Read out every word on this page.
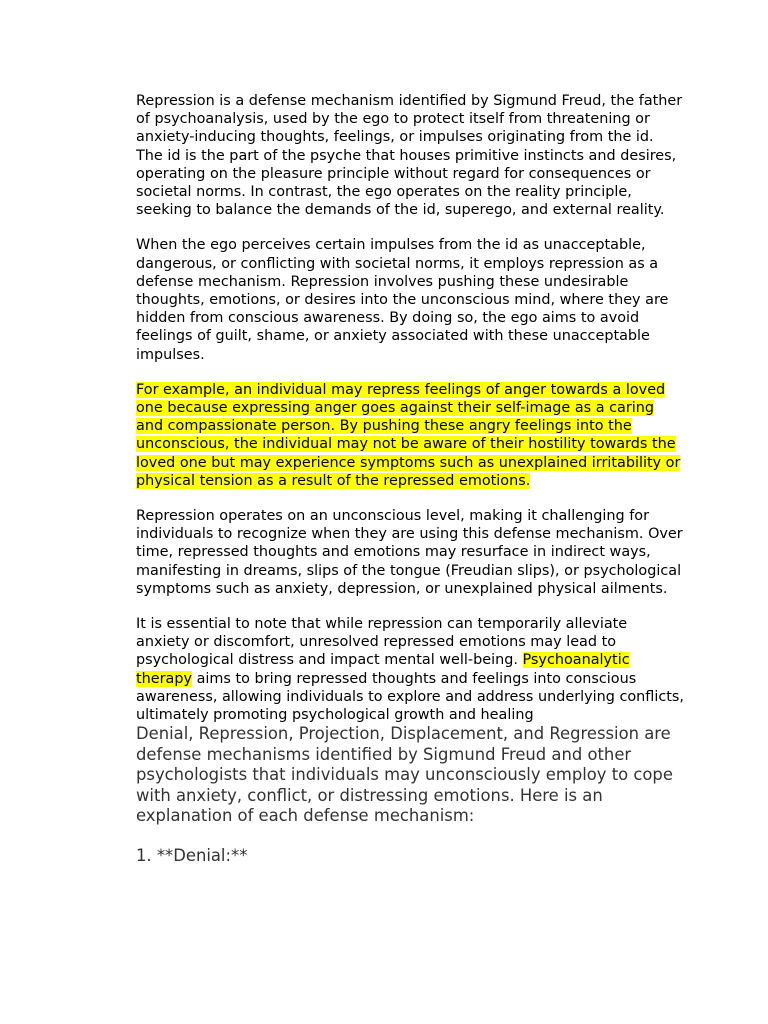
Repression is a defense mechanism identified by Sigmund Freud, the father of psychoanalysis, used by the ego to protect itself from threatening or anxiety-inducing thoughts, feelings, or impulses originating from the id. The id is the part of the psyche that houses primitive instincts and desires, operating on the pleasure principle without regard for consequences or societal norms. In contrast, the ego operates on the reality principle, seeking to balance the demands of the id, superego, and external reality.

When the ego perceives certain impulses from the id as unacceptable, dangerous, or conflicting with societal norms, it employs repression as a defense mechanism. Repression involves pushing these undesirable thoughts, emotions, or desires into the unconscious mind, where they are hidden from conscious awareness. By doing so, the ego aims to avoid feelings of guilt, shame, or anxiety associated with these unacceptable impulses.

For example, an individual may repress feelings of anger towards a loved one because expressing anger goes against their self-image as a caring and compassionate person. By pushing these angry feelings into the unconscious, the individual may not be aware of their hostility towards the loved one but may experience symptoms such as unexplained irritability or physical tension as a result of the repressed emotions.

Repression operates on an unconscious level, making it challenging for individuals to recognize when they are using this defense mechanism. Over time, repressed thoughts and emotions may resurface in indirect ways, manifesting in dreams, slips of the tongue (Freudian slips), or psychological symptoms such as anxiety, depression, or unexplained physical ailments.

It is essential to note that while repression can temporarily alleviate anxiety or discomfort, unresolved repressed emotions may lead to psychological distress and impact mental well-being. Psychoanalytic therapy aims to bring repressed thoughts and feelings into conscious awareness, allowing individuals to explore and address underlying conflicts, ultimately promoting psychological growth and healing

Denial, Repression, Projection, Displacement, and Regression are defense mechanisms identified by Sigmund Freud and other psychologists that individuals may unconsciously employ to cope with anxiety, conflict, or distressing emotions. Here is an explanation of each defense mechanism:

1. **Denial:**
